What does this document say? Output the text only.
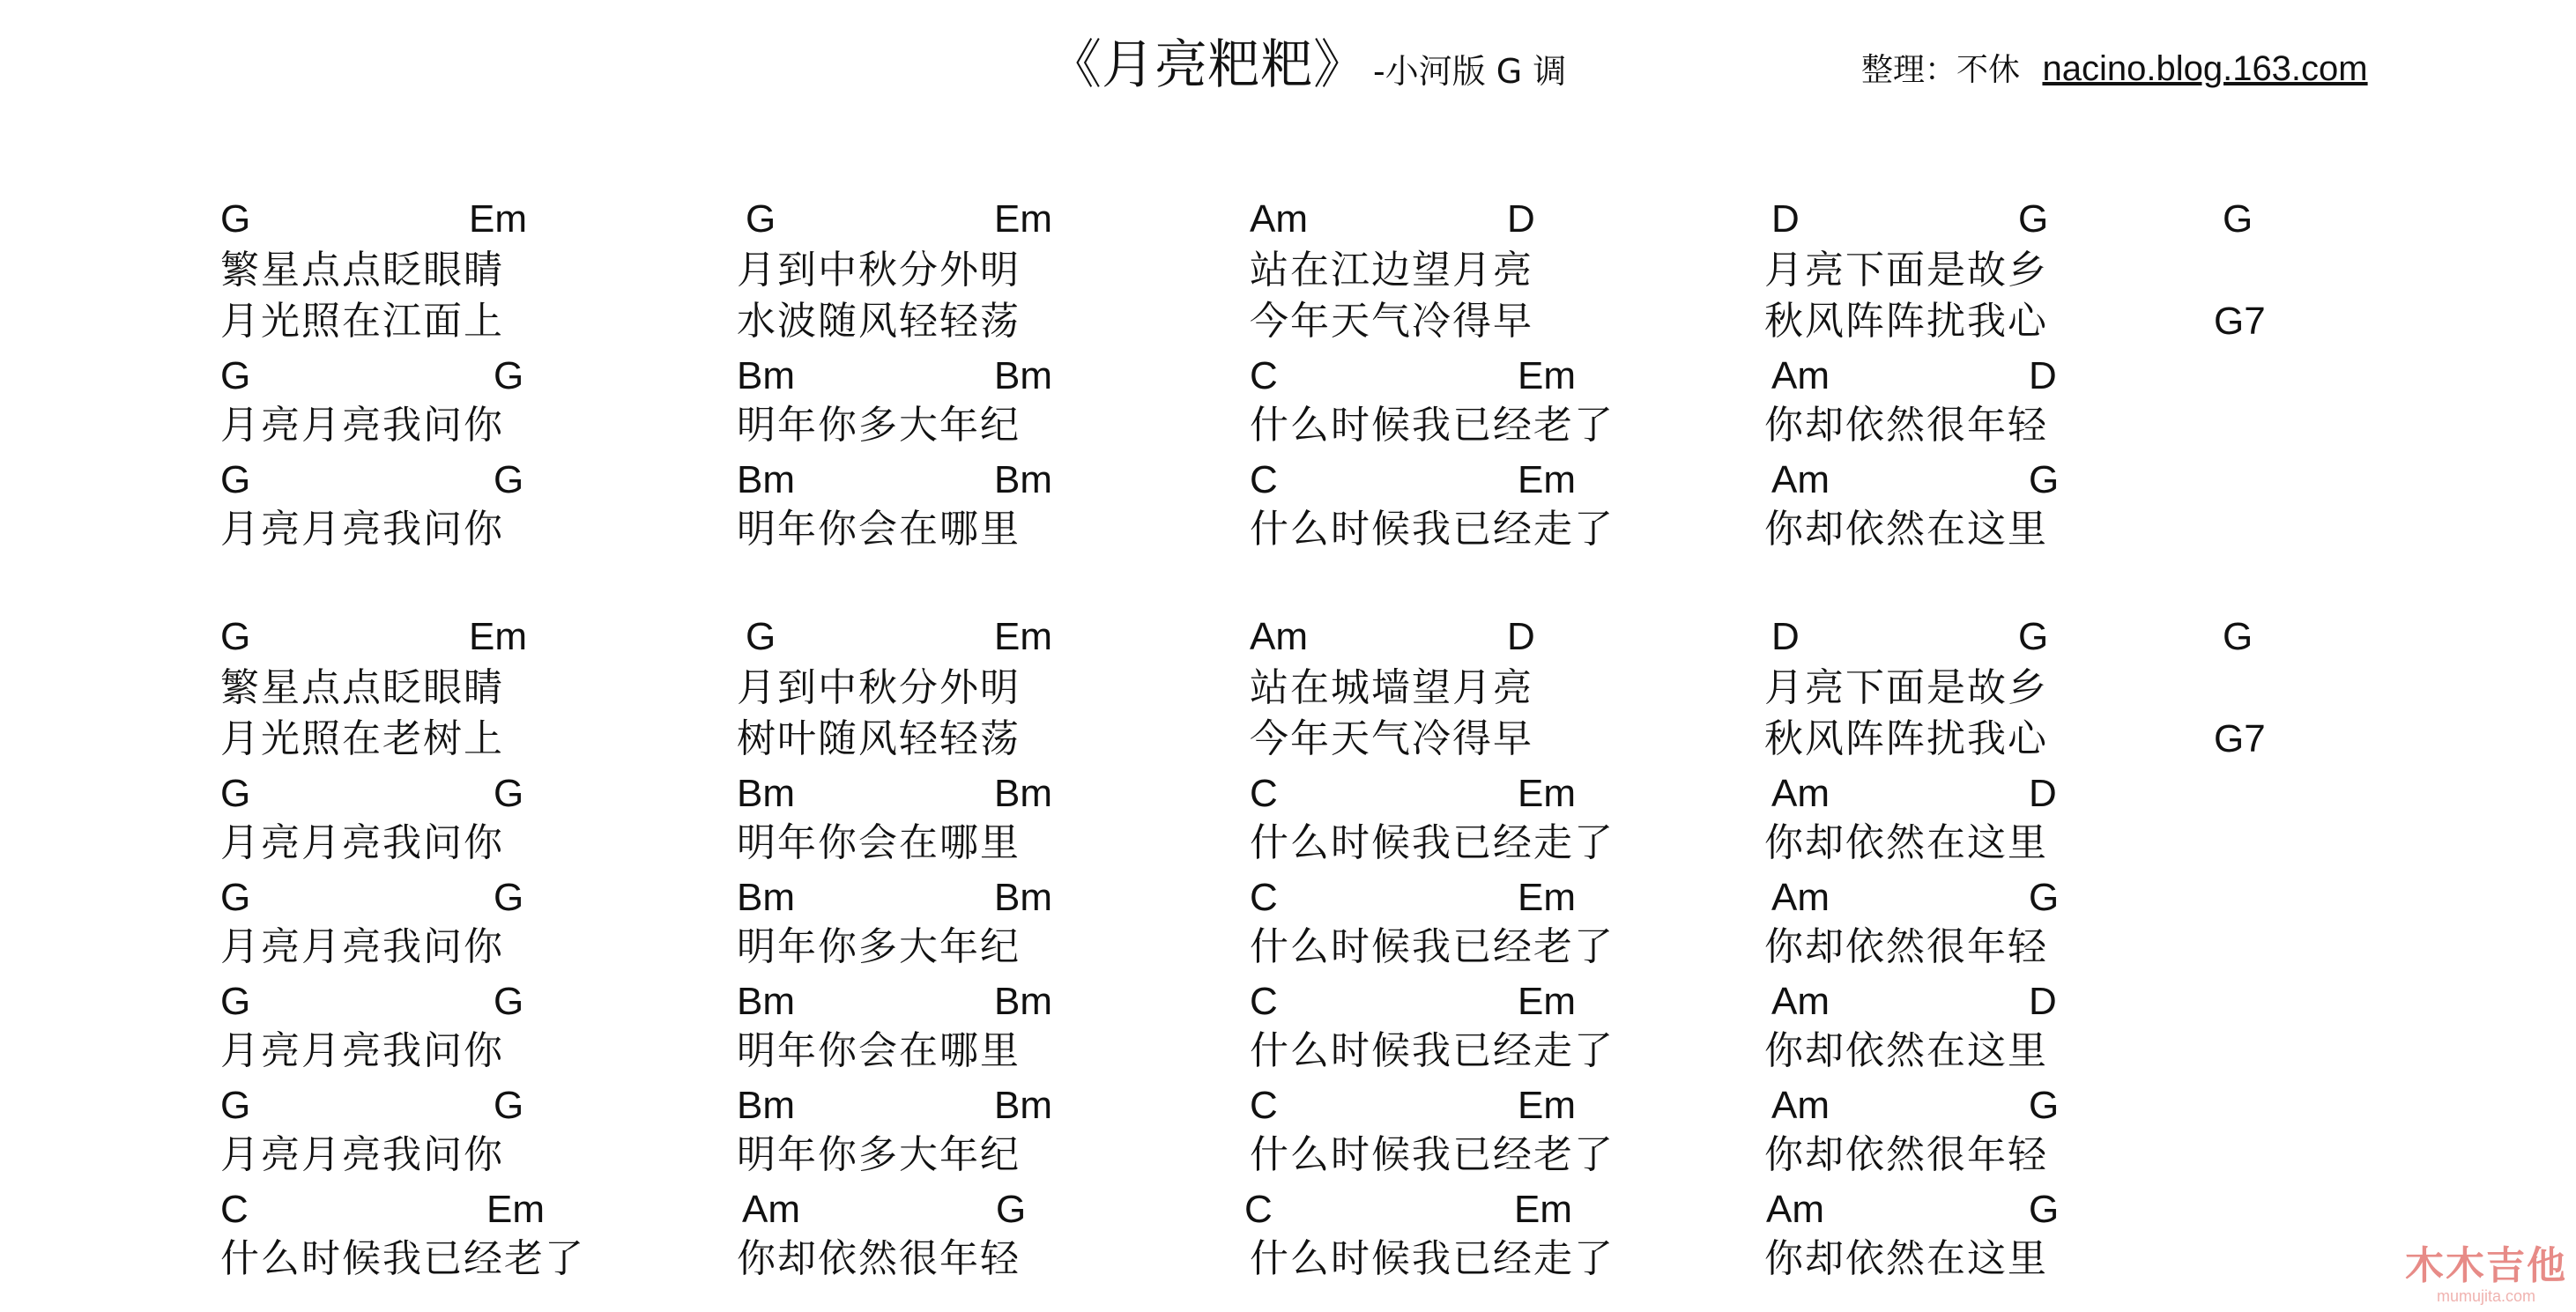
《月亮粑粑》 -小河版 G 调	整理：不休 nacino.blog.163.com
G	Em	G	Em	Am	D	D	G	G
繁星点点眨眼睛	月到中秋分外明	站在江边望月亮	月亮下面是故乡
月光照在江面上	水波随风轻轻荡	今年天气冷得早	秋风阵阵扰我心	G7
G	G	Bm	Bm	C	Em	Am	D
月亮月亮我问你	明年你多大年纪	什么时候我已经老了	你却依然很年轻
G	G	Bm	Bm	C	Em	Am	G
月亮月亮我问你	明年你会在哪里	什么时候我已经走了	你却依然在这里
G	Em	G	Em	Am	D	D	G	G
繁星点点眨眼睛	月到中秋分外明	站在城墙望月亮	月亮下面是故乡
月光照在老树上	树叶随风轻轻荡	今年天气冷得早	秋风阵阵扰我心	G7
G	G	Bm	Bm	C	Em	Am	D
月亮月亮我问你	明年你会在哪里	什么时候我已经走了	你却依然在这里
G	G	Bm	Bm	C	Em	Am	G
月亮月亮我问你	明年你多大年纪	什么时候我已经老了	你却依然很年轻
G	G	Bm	Bm	C	Em	Am	D
月亮月亮我问你	明年你会在哪里	什么时候我已经走了	你却依然在这里
G	G	Bm	Bm	C	Em	Am	G
月亮月亮我问你	明年你多大年纪	什么时候我已经老了	你却依然很年轻
C	Em	Am	G	C	Em	Am	G
什么时候我已经老了	你却依然很年轻	什么时候我已经走了	你却依然在这里	木木吉他
mumujita.com
